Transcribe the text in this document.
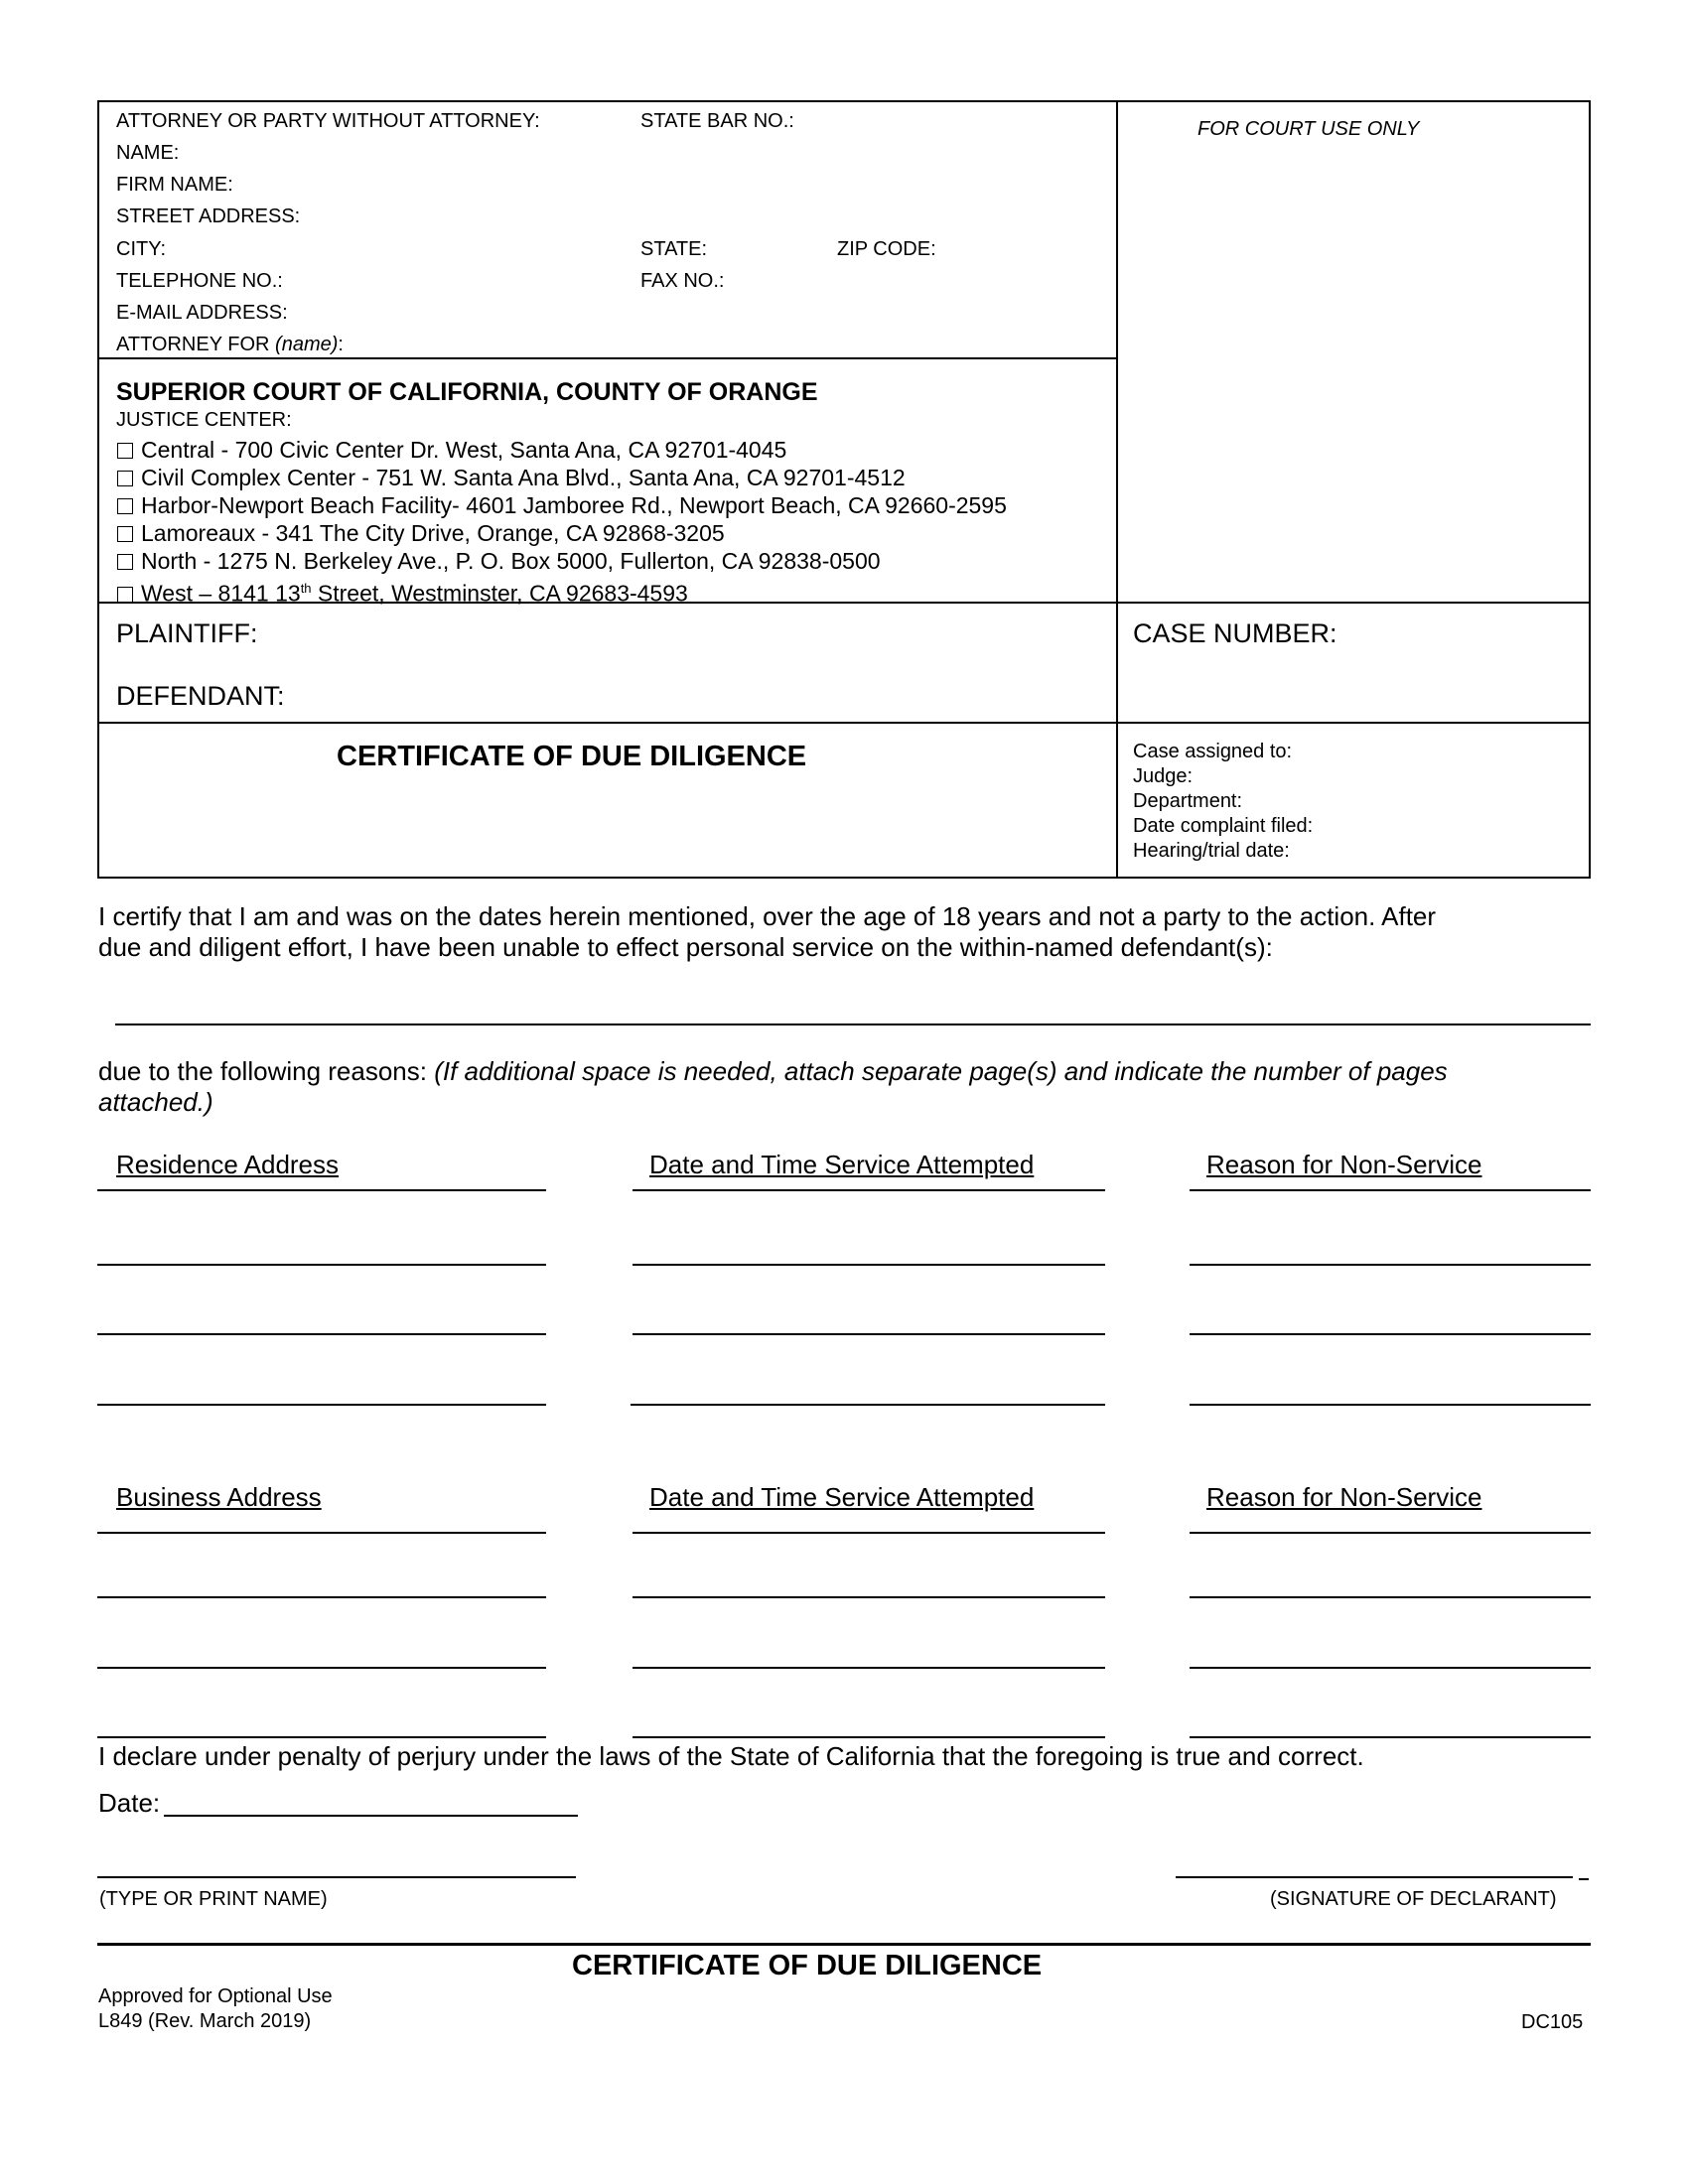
ATTORNEY OR PARTY WITHOUT ATTORNEY:	STATE BAR NO.:
NAME:
FIRM NAME:
STREET ADDRESS:
CITY:	STATE:	ZIP CODE:
TELEPHONE NO.:	FAX NO.:
E-MAIL ADDRESS:
ATTORNEY FOR (name):
FOR COURT USE ONLY
SUPERIOR COURT OF CALIFORNIA, COUNTY OF ORANGE
JUSTICE CENTER:
Central - 700 Civic Center Dr. West, Santa Ana, CA 92701-4045
Civil Complex Center - 751 W. Santa Ana Blvd., Santa Ana, CA 92701-4512
Harbor-Newport Beach Facility- 4601 Jamboree Rd., Newport Beach, CA 92660-2595
Lamoreaux - 341 The City Drive, Orange, CA 92868-3205
North - 1275 N. Berkeley Ave., P. O. Box 5000, Fullerton, CA 92838-0500
West – 8141 13th Street, Westminster, CA 92683-4593
PLAINTIFF:
DEFENDANT:
CASE NUMBER:
CERTIFICATE OF DUE DILIGENCE	Case assigned to:
Judge:
Department:
Date complaint filed:
Hearing/trial date:
I certify that I am and was on the dates herein mentioned, over the age of 18 years and not a party to the action. After
due and diligent effort, I have been unable to effect personal service on the within-named defendant(s):
due to the following reasons: (If additional space is needed, attach separate page(s) and indicate the number of pages
attached.)
Residence Address	Date and Time Service Attempted	Reason for Non-Service
Business Address	Date and Time Service Attempted	Reason for Non-Service
I declare under penalty of perjury under the laws of the State of California that the foregoing is true and correct.
Date:
(TYPE OR PRINT NAME)	(SIGNATURE OF DECLARANT)
CERTIFICATE OF DUE DILIGENCE
Approved for Optional Use
L849 (Rev. March 2019)	DC105
